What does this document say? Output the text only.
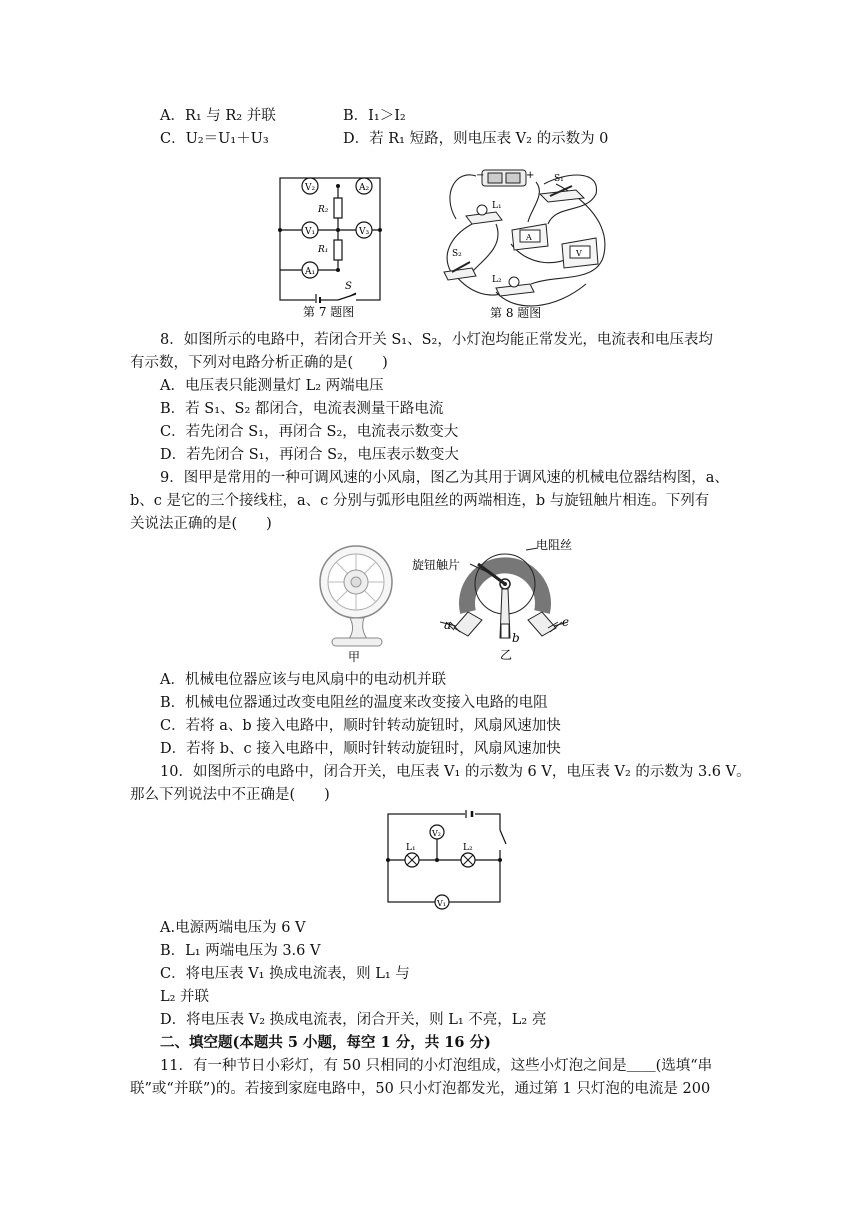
A．R₁ 与 R₂ 并联	B．I₁＞I₂
C．U₂＝U₁＋U₃	D．若 R₁ 短路，则电压表 V₂ 的示数为 0
V₂	A₂
R₂
V₁	V₃
R₁
A₁
S
第 7 题图
−	+ S₁
L₁
A
V
S₂
L₂
第 8 题图
8．如图所示的电路中，若闭合开关 S₁、S₂，小灯泡均能正常发光，电流表和电压表均
有示数，下列对电路分析正确的是(　　)
A．电压表只能测量灯 L₂ 两端电压
B．若 S₁、S₂ 都闭合，电流表测量干路电流
C．若先闭合 S₁，再闭合 S₂，电流表示数变大
D．若先闭合 S₁，再闭合 S₂，电压表示数变大
9．图甲是常用的一种可调风速的小风扇，图乙为其用于调风速的机械电位器结构图，a、
b、c 是它的三个接线柱，a、c 分别与弧形电阻丝的两端相连，b 与旋钮触片相连。下列有
关说法正确的是(　　)
甲
电阻丝
旋钮触片
a
b
c
乙
A．机械电位器应该与电风扇中的电动机并联
B．机械电位器通过改变电阻丝的温度来改变接入电路的电阻
C．若将 a、b 接入电路中，顺时针转动旋钮时，风扇风速加快
D．若将 b、c 接入电路中，顺时针转动旋钮时，风扇风速加快
10．如图所示的电路中，闭合开关，电压表 V₁ 的示数为 6 V，电压表 V₂ 的示数为 3.6 V。
那么下列说法中不正确是(　　)
V₂
L₁	L₂
V₁
A.电源两端电压为 6 V
B．L₁ 两端电压为 3.6 V
C．将电压表 V₁ 换成电流表，则 L₁ 与
L₂ 并联
D．将电压表 V₂ 换成电流表，闭合开关，则 L₁ 不亮，L₂ 亮
二、填空题(本题共 5 小题，每空 1 分，共 16 分)
11．有一种节日小彩灯，有 50 只相同的小灯泡组成，这些小灯泡之间是＿＿(选填“串
联”或“并联”)的。若接到家庭电路中，50 只小灯泡都发光，通过第 1 只灯泡的电流是 200
